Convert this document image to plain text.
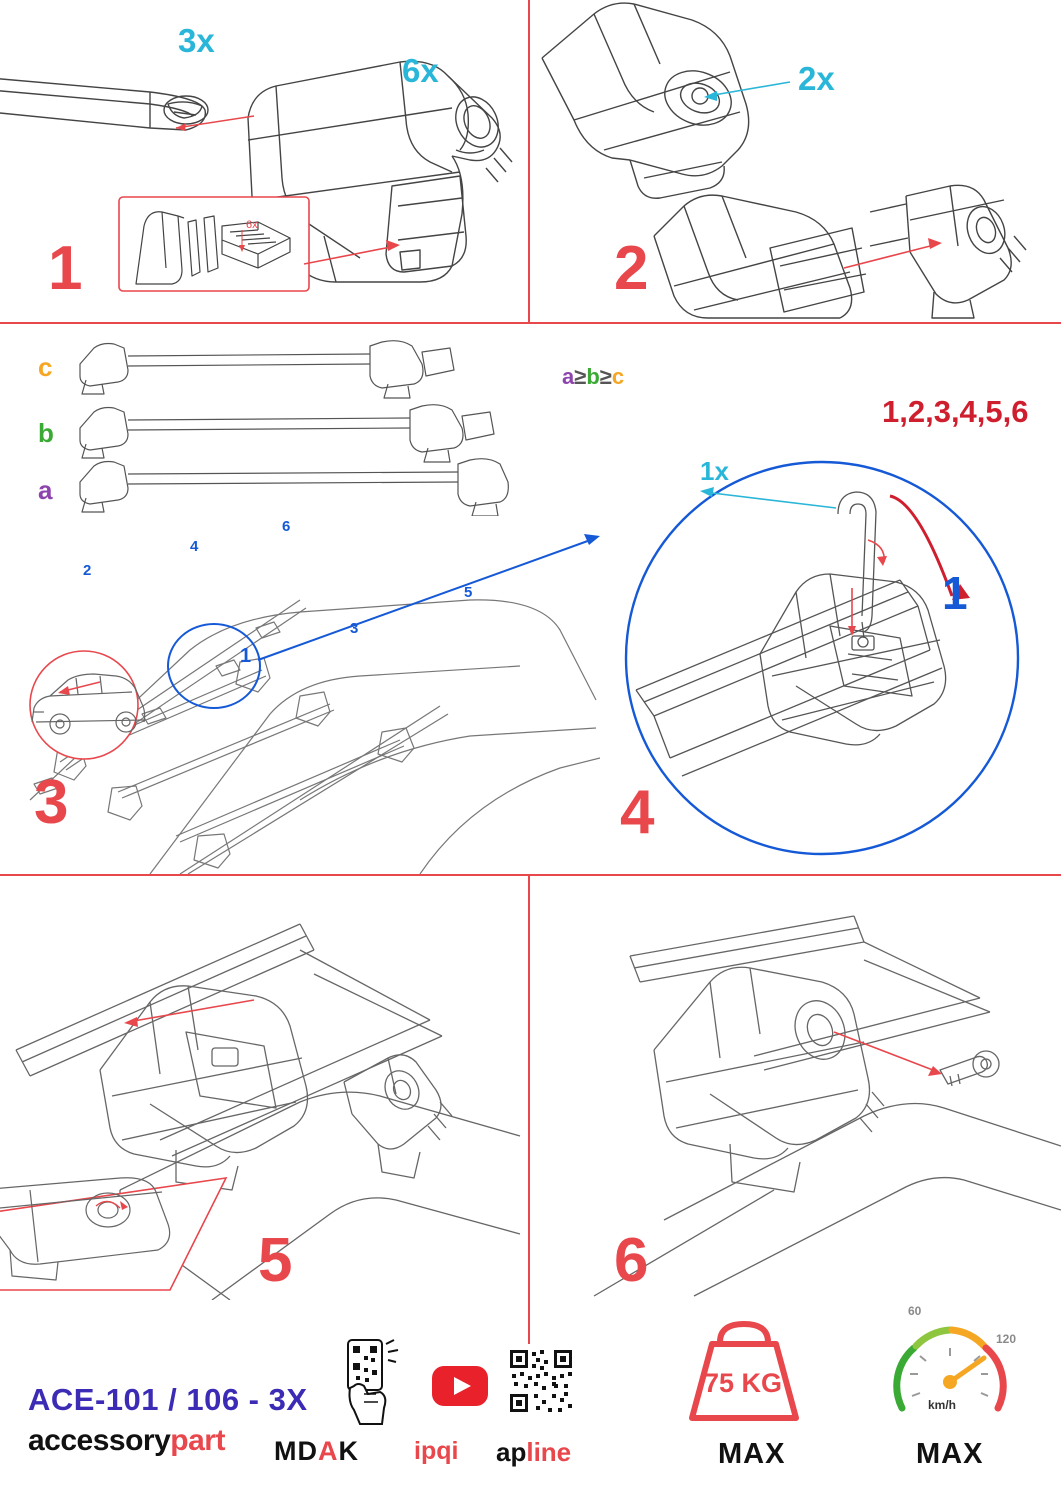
3x
6x
6x
1
2x
2
c
b
a
a≥b≥c
2
4
6
3
5
1
3
1x
1,2,3,4,5,6
1
4
5	6
ACE-101 / 106 - 3X
accessorypart	MDAK ipqi apline
75 KG
MAX
60
120
km/h
MAX
